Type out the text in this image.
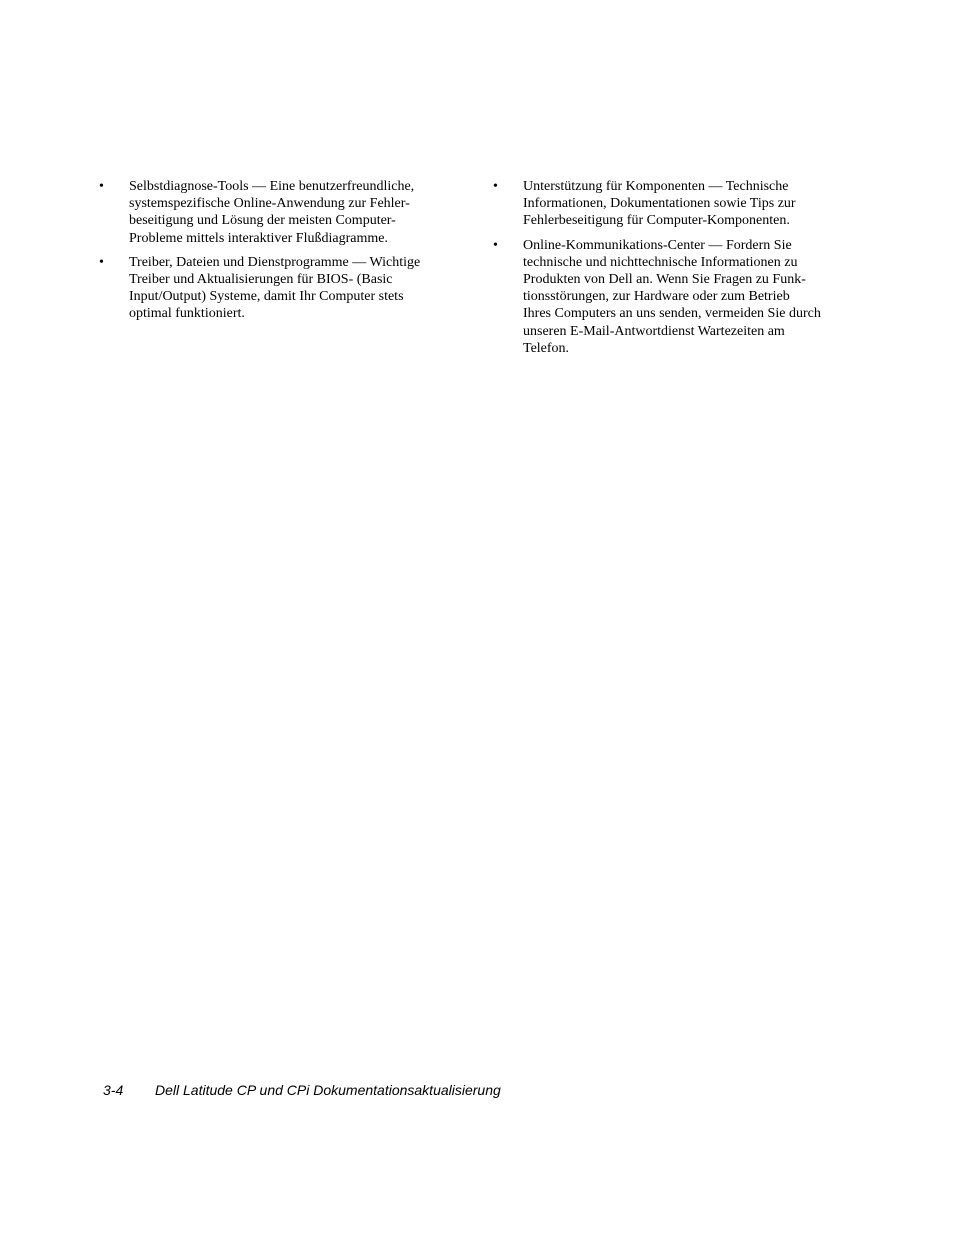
• Selbstdiagnose-Tools — Eine benutzerfreundliche,
systemspezifische Online-Anwendung zur Fehler-
beseitigung und Lösung der meisten Computer-
Probleme mittels interaktiver Flußdiagramme.
• Treiber, Dateien und Dienstprogramme — Wichtige
Treiber und Aktualisierungen für BIOS- (Basic
Input/Output) Systeme, damit Ihr Computer stets
optimal funktioniert.
• Unterstützung für Komponenten — Technische
Informationen, Dokumentationen sowie Tips zur
Fehlerbeseitigung für Computer-Komponenten.
• Online-Kommunikations-Center — Fordern Sie
technische und nichttechnische Informationen zu
Produkten von Dell an. Wenn Sie Fragen zu Funk-
tionsstörungen, zur Hardware oder zum Betrieb
Ihres Computers an uns senden, vermeiden Sie durch
unseren E-Mail-Antwortdienst Wartezeiten am
Telefon.
3-4 Dell Latitude CP und CPi Dokumentationsaktualisierung
